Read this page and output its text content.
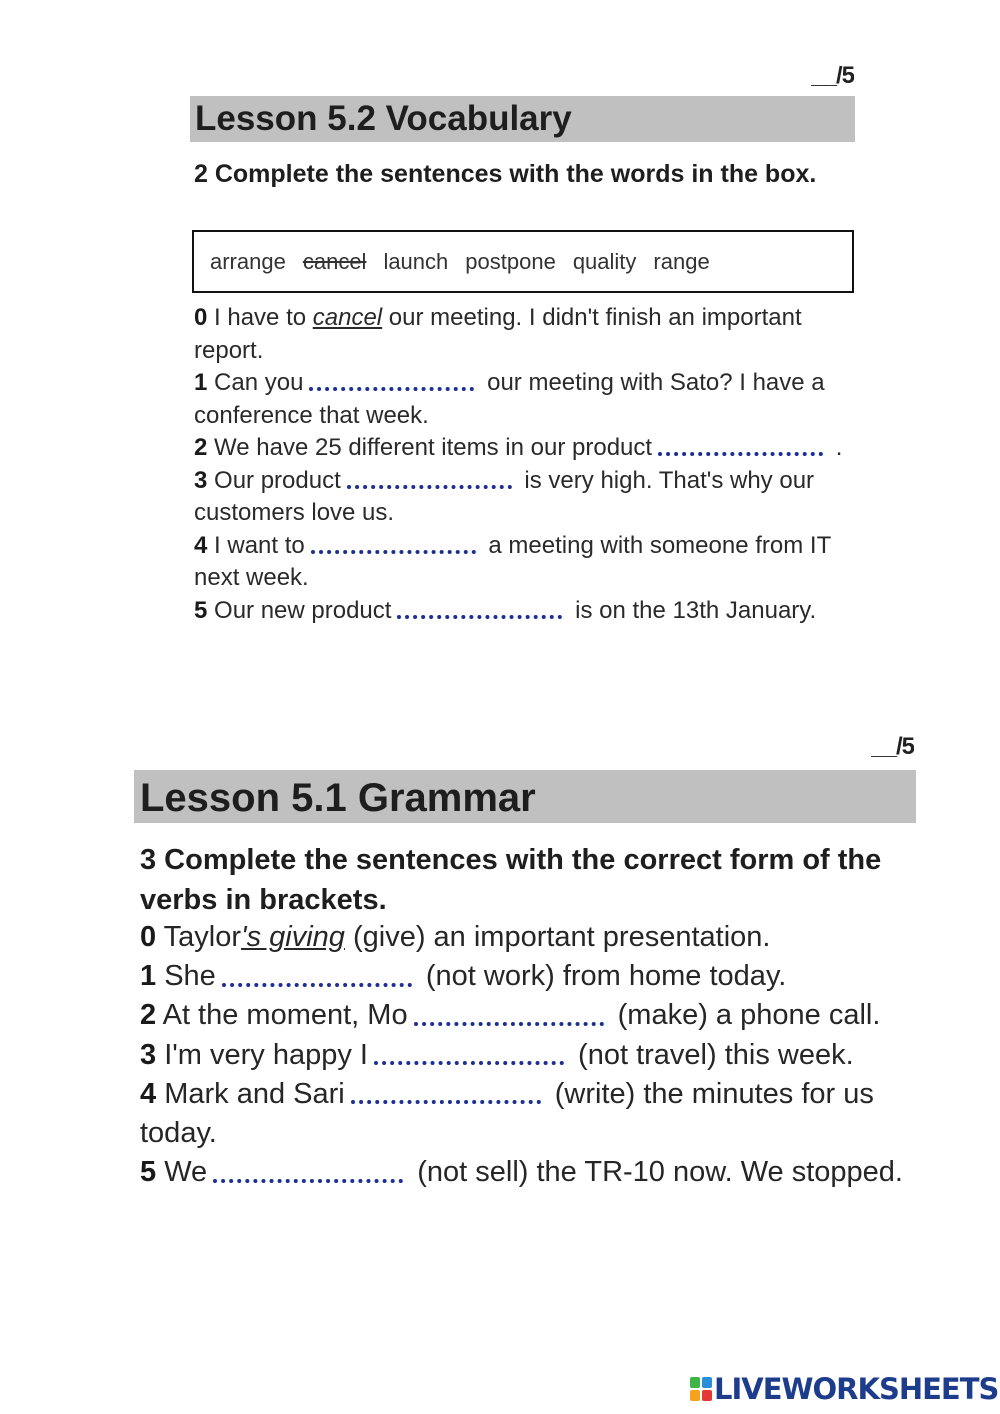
__/5
Lesson 5.2 Vocabulary
2 Complete the sentences with the words in the box.
arrange cancel launch postpone quality range
0 I have to cancel our meeting. I didn't finish an important report.
1 Can you	our meeting with Sato? I have a conference that week.
2 We have 25 different items in our product	.
3 Our product	is very high. That's why our customers love us.
4 I want to	a meeting with someone from IT next week.
5 Our new product	is on the 13th January.
__/5
Lesson 5.1 Grammar
3 Complete the sentences with the correct form of the verbs in brackets.
0 Taylor's giving (give) an important presentation.
1 She	(not work) from home today.
2 At the moment, Mo	(make) a phone call.
3 I'm very happy I	(not travel) this week.
4 Mark and Sari	(write) the minutes for us today.
5 We	(not sell) the TR-10 now. We stopped.
LIVEWORKSHEETS
